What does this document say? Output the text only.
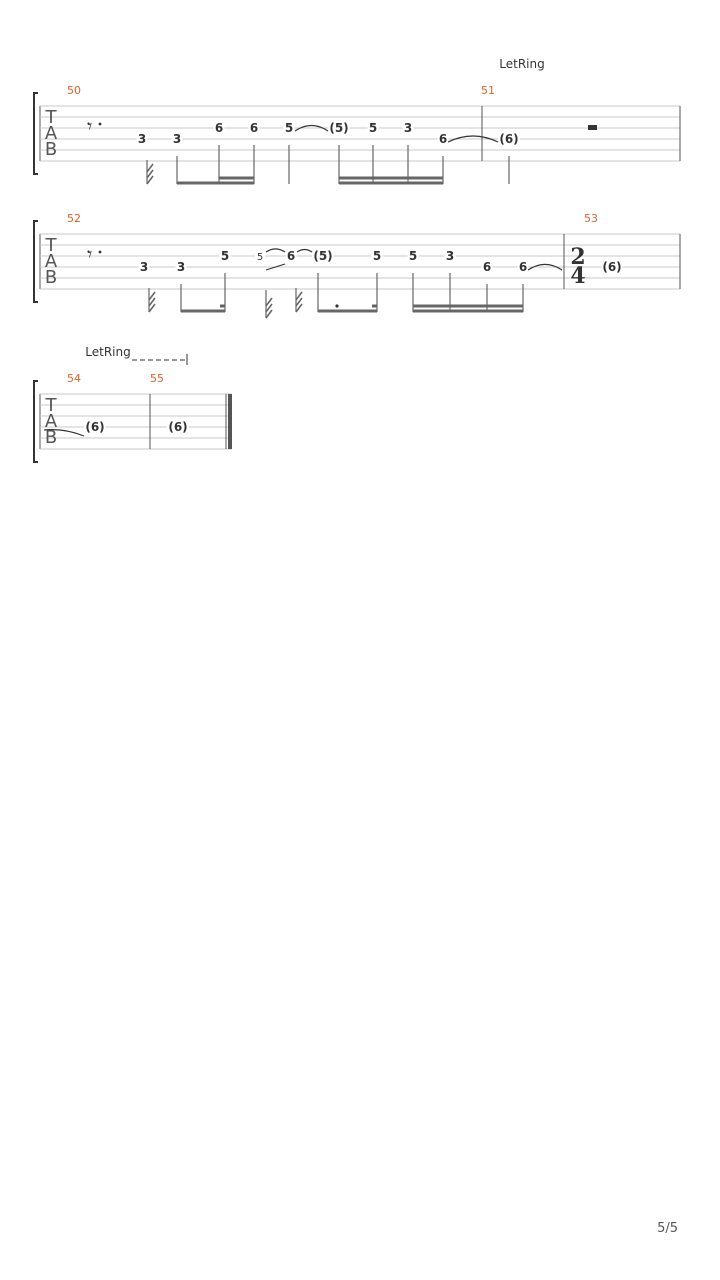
T
A
B
50	51
LetRing
𝄾
3 3
6 6 5	(5) 5 3
6	(6)
T
A
B
52	53
𝄾	2
4
3 3
5	5 6 (5)	5 5 3
6 6	(6)
T
A
B
54	55
LetRing
(6)	(6)
5/5
